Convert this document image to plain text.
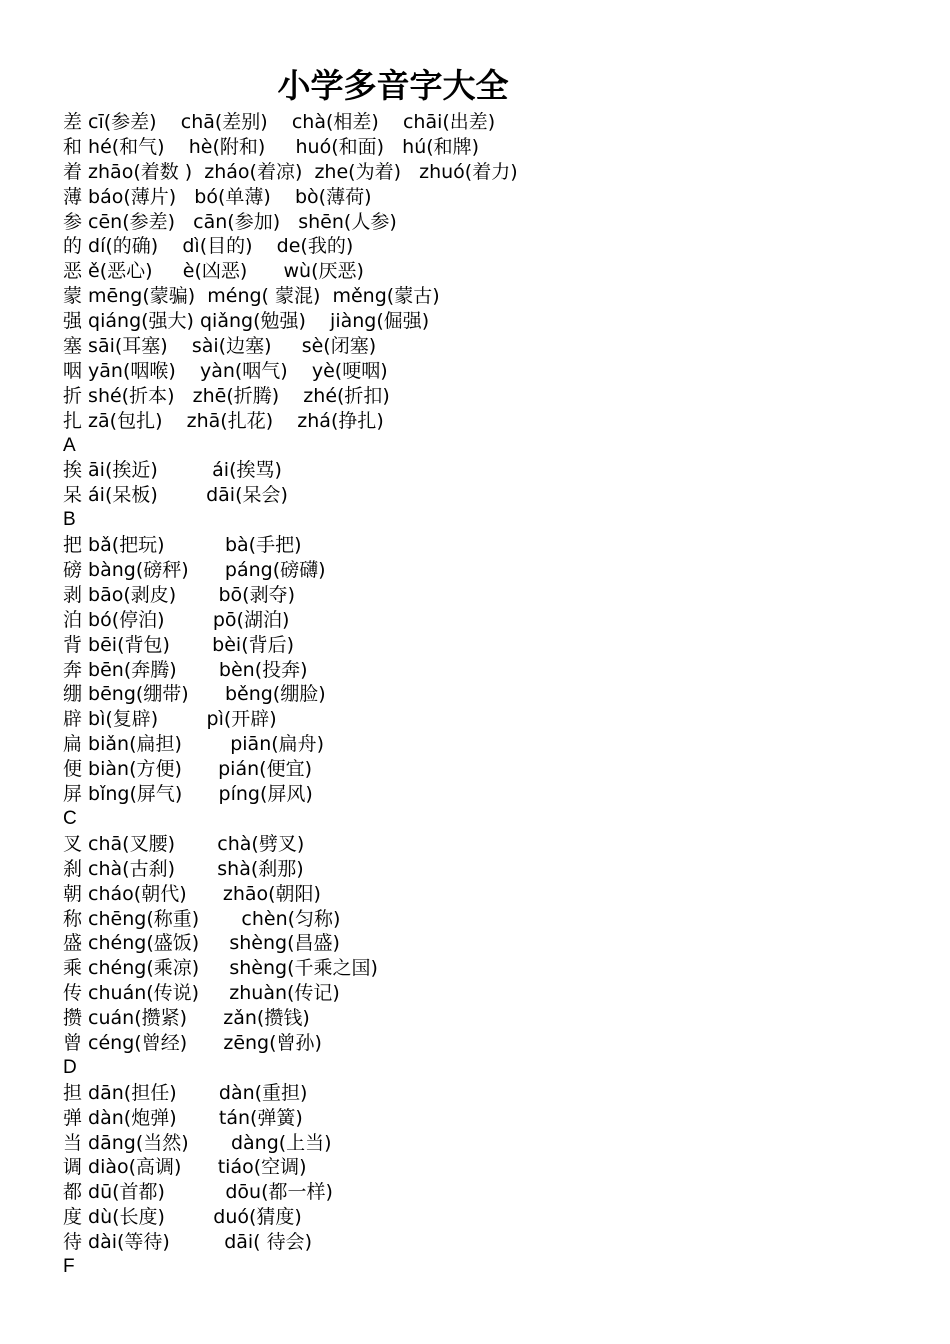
小学多音字大全
差 cī(参差)    chā(差别)    chà(相差)    chāi(出差)
和 hé(和气)    hè(附和)     huó(和面)   hú(和牌)
着 zhāo(着数 )  zháo(着凉)  zhe(为着)   zhuó(着力)
薄 báo(薄片)   bó(单薄)    bò(薄荷)
参 cēn(参差)   cān(参加)   shēn(人参)
的 dí(的确)    dì(目的)    de(我的)
恶 ě(恶心)     è(凶恶)      wù(厌恶)
蒙 mēng(蒙骗)  méng( 蒙混)  měng(蒙古)
强 qiáng(强大) qiǎng(勉强)    jiàng(倔强)
塞 sāi(耳塞)    sài(边塞)     sè(闭塞)
咽 yān(咽喉)    yàn(咽气)    yè(哽咽)
折 shé(折本)   zhē(折腾)    zhé(折扣)
扎 zā(包扎)    zhā(扎花)    zhá(挣扎)
A
挨 āi(挨近)         ái(挨骂)
呆 ái(呆板)        dāi(呆会)
B
把 bǎ(把玩)          bà(手把)
磅 bàng(磅秤)      páng(磅礴)
剥 bāo(剥皮)       bō(剥夺)
泊 bó(停泊)        pō(湖泊)
背 bēi(背包)       bèi(背后)
奔 bēn(奔腾)       bèn(投奔)
绷 bēng(绷带)      běng(绷脸)
辟 bì(复辟)        pì(开辟)
扁 biǎn(扁担)        piān(扁舟)
便 biàn(方便)      pián(便宜)
屏 bǐng(屏气)      píng(屏风)
C
叉 chā(叉腰)       chà(劈叉)
刹 chà(古刹)       shà(刹那)
朝 cháo(朝代)      zhāo(朝阳)
称 chēng(称重)       chèn(匀称)
盛 chéng(盛饭)     shèng(昌盛)
乘 chéng(乘凉)     shèng(千乘之国)
传 chuán(传说)     zhuàn(传记)
攒 cuán(攒紧)      zǎn(攒钱)
曾 céng(曾经)      zēng(曾孙)
D
担 dān(担任)       dàn(重担)
弹 dàn(炮弹)       tán(弹簧)
当 dāng(当然)       dàng(上当)
调 diào(高调)      tiáo(空调)
都 dū(首都)          dōu(都一样)
度 dù(长度)        duó(猜度)
待 dài(等待)         dāi( 待会)
F
